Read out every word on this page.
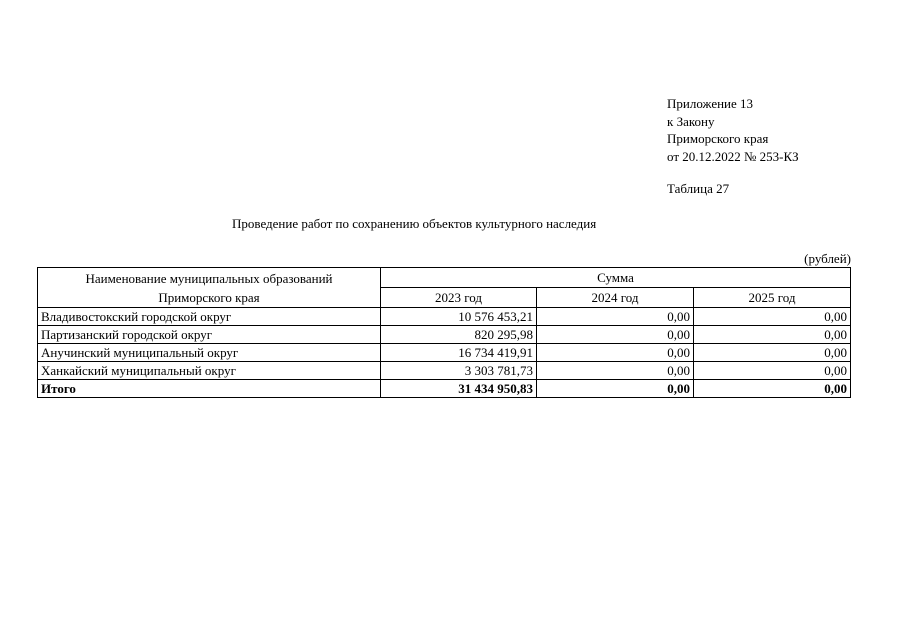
Приложение 13
к Закону
Приморского края
от 20.12.2022 № 253-КЗ
Таблица 27
Проведение работ по сохранению объектов культурного наследия
(рублей)
Наименование муниципальных образований
Приморского края	Сумма		
	2023 год	2024 год	2025 год
Владивостокский городской округ	10 576 453,21	0,00	0,00
Партизанский городской округ	820 295,98	0,00	0,00
Анучинский муниципальный округ	16 734 419,91	0,00	0,00
Ханкайский муниципальный округ	3 303 781,73	0,00	0,00
Итого	31 434 950,83	0,00	0,00
